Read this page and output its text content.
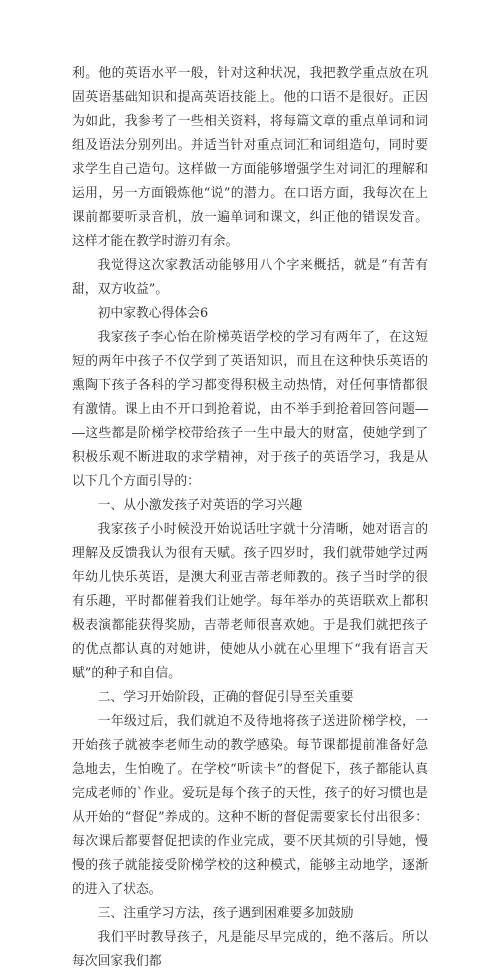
利。他的英语水平一般，针对这种状况，我把教学重点放在巩固英语基础知识和提高英语技能上。他的口语不是很好。正因为如此，我参考了一些相关资料，将每篇文章的重点单词和词组及语法分别列出。并适当针对重点词汇和词组造句，同时要求学生自己造句。这样做一方面能够增强学生对词汇的理解和运用，另一方面锻炼他“说”的潜力。在口语方面，我每次在上课前都要听录音机，放一遍单词和课文，纠正他的错误发音。这样才能在教学时游刃有余。

我觉得这次家教活动能够用八个字来概括，就是“有苦有甜，双方收益”。

初中家教心得体会6

我家孩子李心怡在阶梯英语学校的学习有两年了，在这短短的两年中孩子不仅学到了英语知识，而且在这种快乐英语的熏陶下孩子各科的学习都变得积极主动热情，对任何事情都很有激情。课上由不开口到抢着说，由不举手到抢着回答问题――这些都是阶梯学校带给孩子一生中最大的财富，使她学到了积极乐观不断进取的求学精神，对于孩子的英语学习，我是从以下几个方面引导的：

一、从小激发孩子对英语的学习兴趣

我家孩子小时候没开始说话吐字就十分清晰，她对语言的理解及反馈我认为很有天赋。孩子四岁时，我们就带她学过两年幼儿快乐英语，是澳大利亚吉蒂老师教的。孩子当时学的很有乐趣，平时都催着我们让她学。每年举办的英语联欢上都积极表演都能获得奖励，吉蒂老师很喜欢她。于是我们就把孩子的优点都认真的对她讲，使她从小就在心里埋下“我有语言天赋”的种子和自信。

二、学习开始阶段，正确的督促引导至关重要

一年级过后，我们就迫不及待地将孩子送进阶梯学校，一开始孩子就被李老师生动的教学感染。每节课都提前准备好急急地去，生怕晚了。在学校“听读卡”的督促下，孩子都能认真完成老师的`作业。爱玩是每个孩子的天性，孩子的好习惯也是从开始的“督促”养成的。这种不断的督促需要家长付出很多：每次课后都要督促把读的作业完成，要不厌其烦的引导她，慢慢的孩子就能接受阶梯学校的这种模式，能够主动地学，逐渐的进入了状态。

三、注重学习方法，孩子遇到困难要多加鼓励

我们平时教导孩子，凡是能尽早完成的，绝不落后。所以每次回家我们都
